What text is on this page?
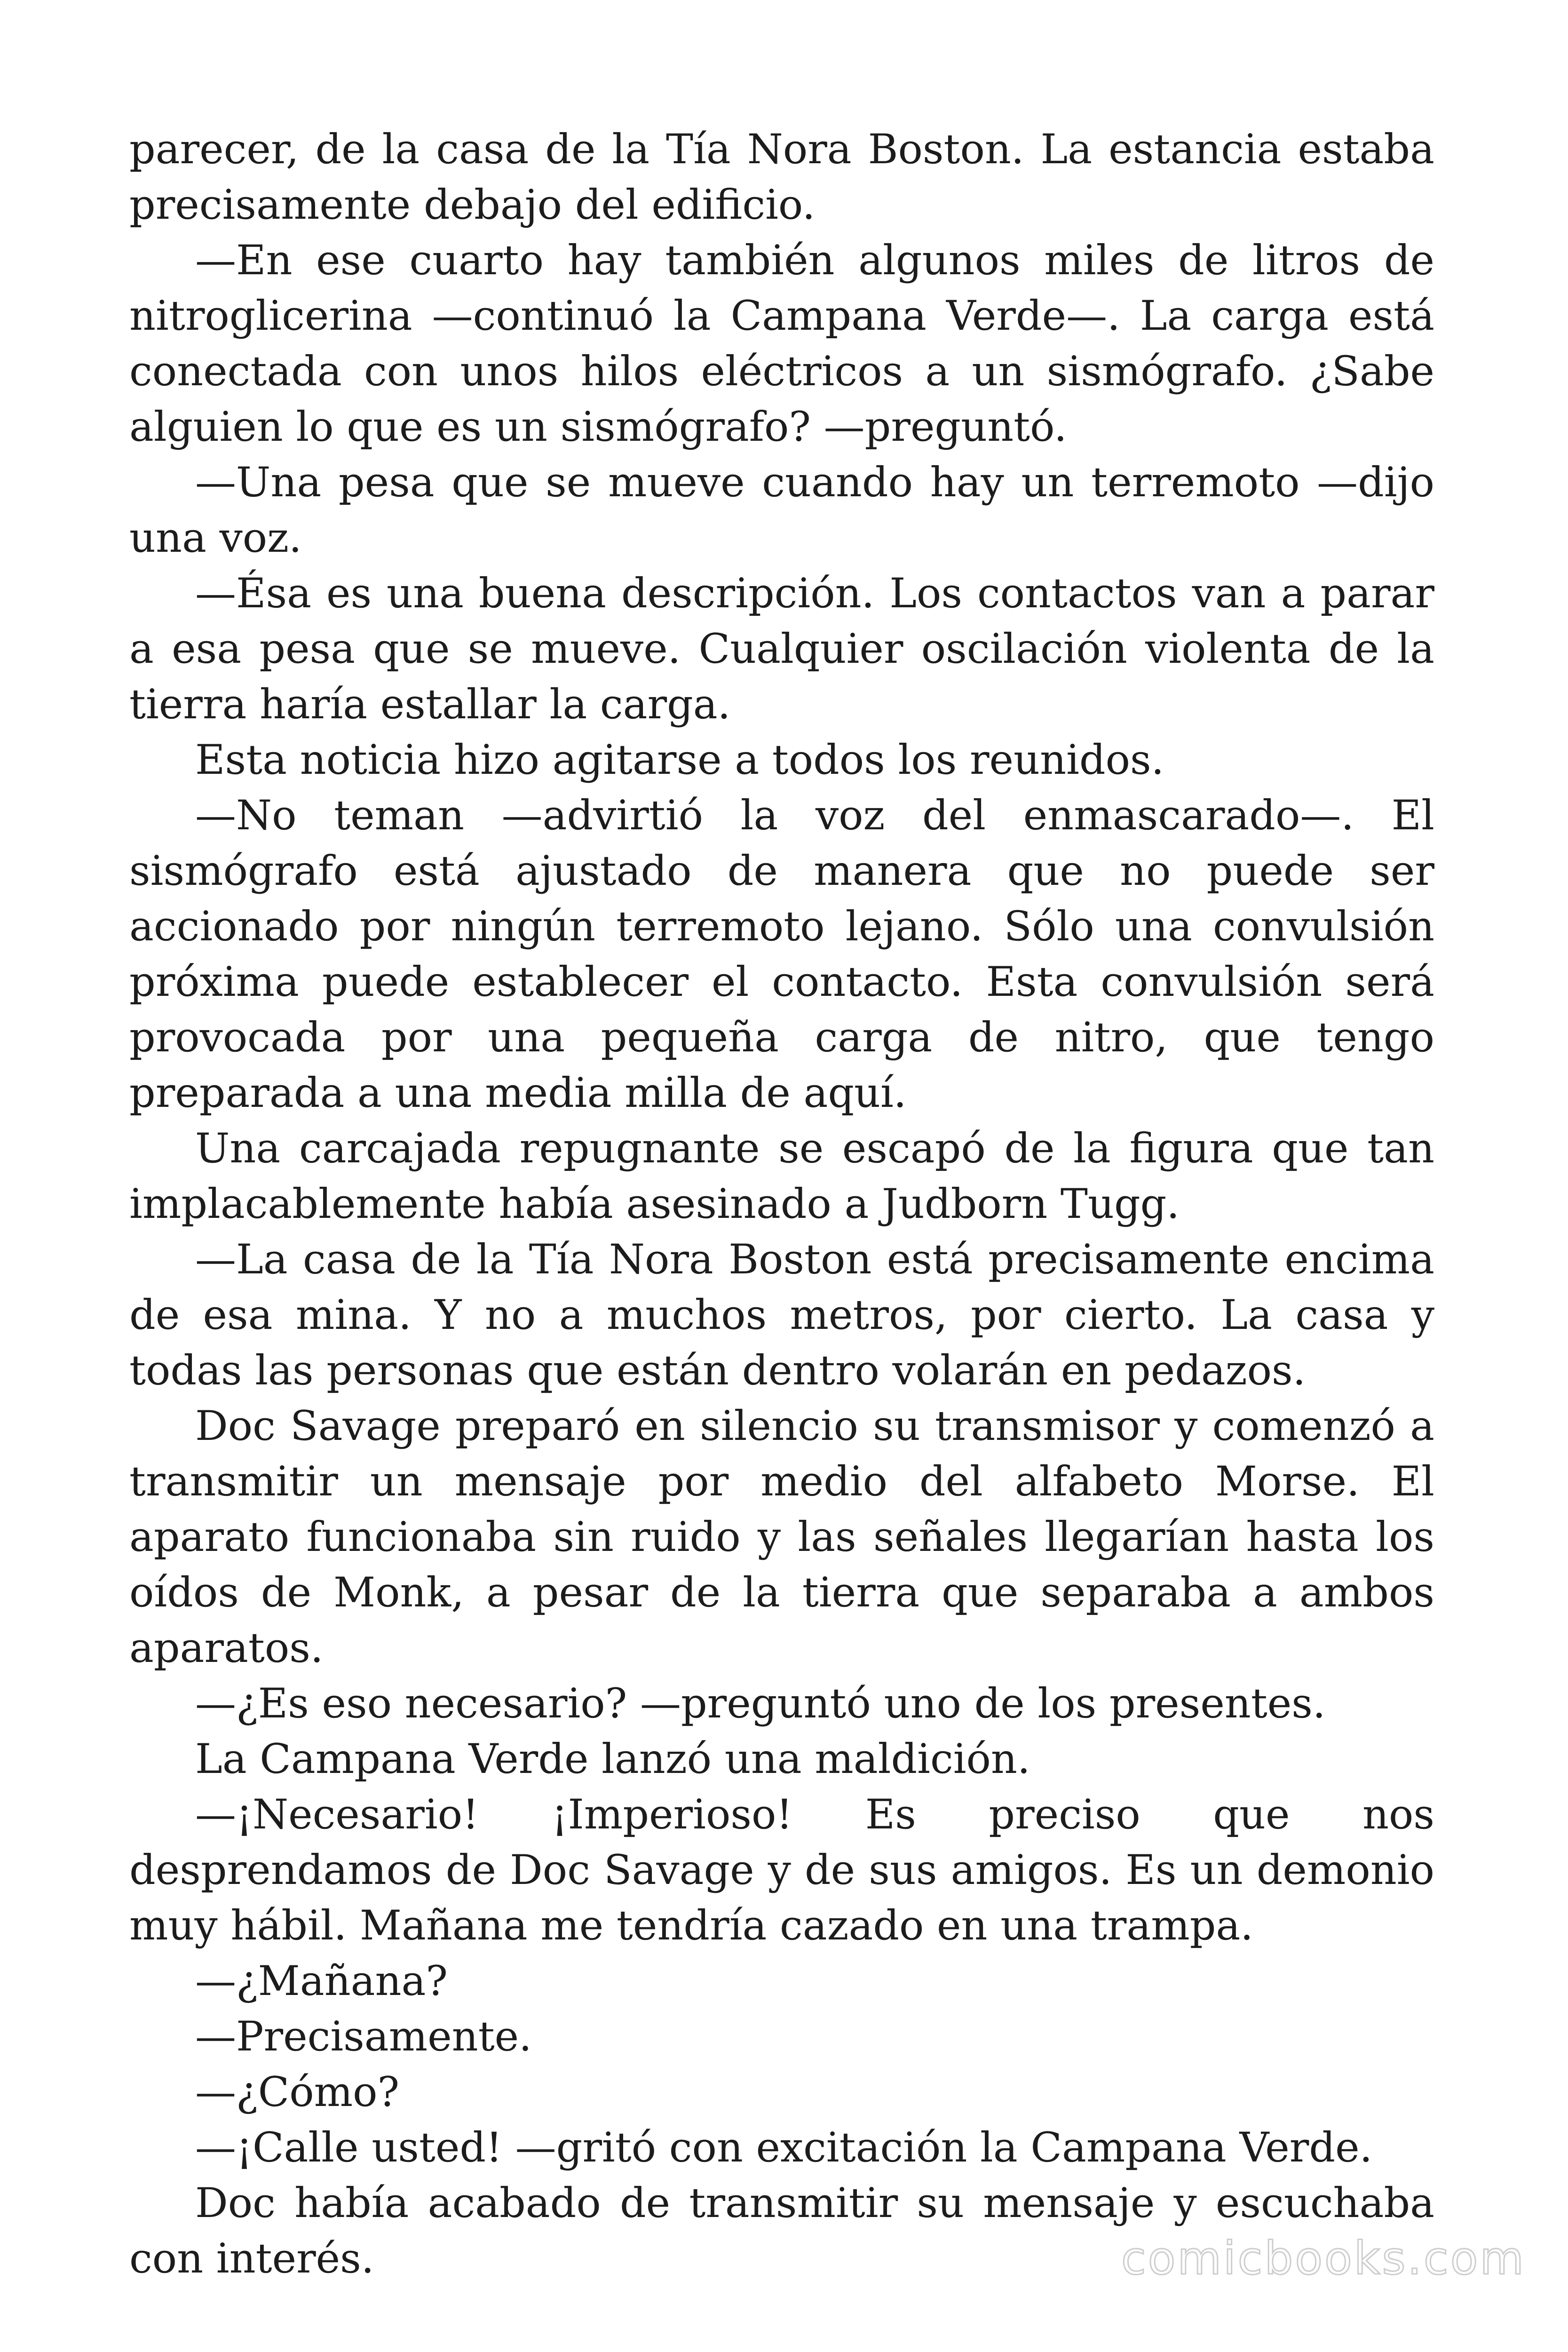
parecer, de la casa de la Tía Nora Boston. La estancia estaba precisamente debajo del edificio.

—En ese cuarto hay también algunos miles de litros de nitroglicerina —continuó la Campana Verde—. La carga está conectada con unos hilos eléctricos a un sismógrafo. ¿Sabe alguien lo que es un sismógrafo? —preguntó.

—Una pesa que se mueve cuando hay un terremoto —dijo una voz.

—Ésa es una buena descripción. Los contactos van a parar a esa pesa que se mueve. Cualquier oscilación violenta de la tierra haría estallar la carga.

Esta noticia hizo agitarse a todos los reunidos.

—No teman —advirtió la voz del enmascarado—. El sismógrafo está ajustado de manera que no puede ser accionado por ningún terremoto lejano. Sólo una convulsión próxima puede establecer el contacto. Esta convulsión será provocada por una pequeña carga de nitro, que tengo preparada a una media milla de aquí.

Una carcajada repugnante se escapó de la figura que tan implacablemente había asesinado a Judborn Tugg.

—La casa de la Tía Nora Boston está precisamente encima de esa mina. Y no a muchos metros, por cierto. La casa y todas las personas que están dentro volarán en pedazos.

Doc Savage preparó en silencio su transmisor y comenzó a transmitir un mensaje por medio del alfabeto Morse. El aparato funcionaba sin ruido y las señales llegarían hasta los oídos de Monk, a pesar de la tierra que separaba a ambos aparatos.

—¿Es eso necesario? —preguntó uno de los presentes.

La Campana Verde lanzó una maldición.

—¡Necesario! ¡Imperioso! Es preciso que nos desprendamos de Doc Savage y de sus amigos. Es un demonio muy hábil. Mañana me tendría cazado en una trampa.

—¿Mañana?

—Precisamente.

—¿Cómo?

—¡Calle usted! —gritó con excitación la Campana Verde.

Doc había acabado de transmitir su mensaje y escuchaba con interés.	comicbooks.com
